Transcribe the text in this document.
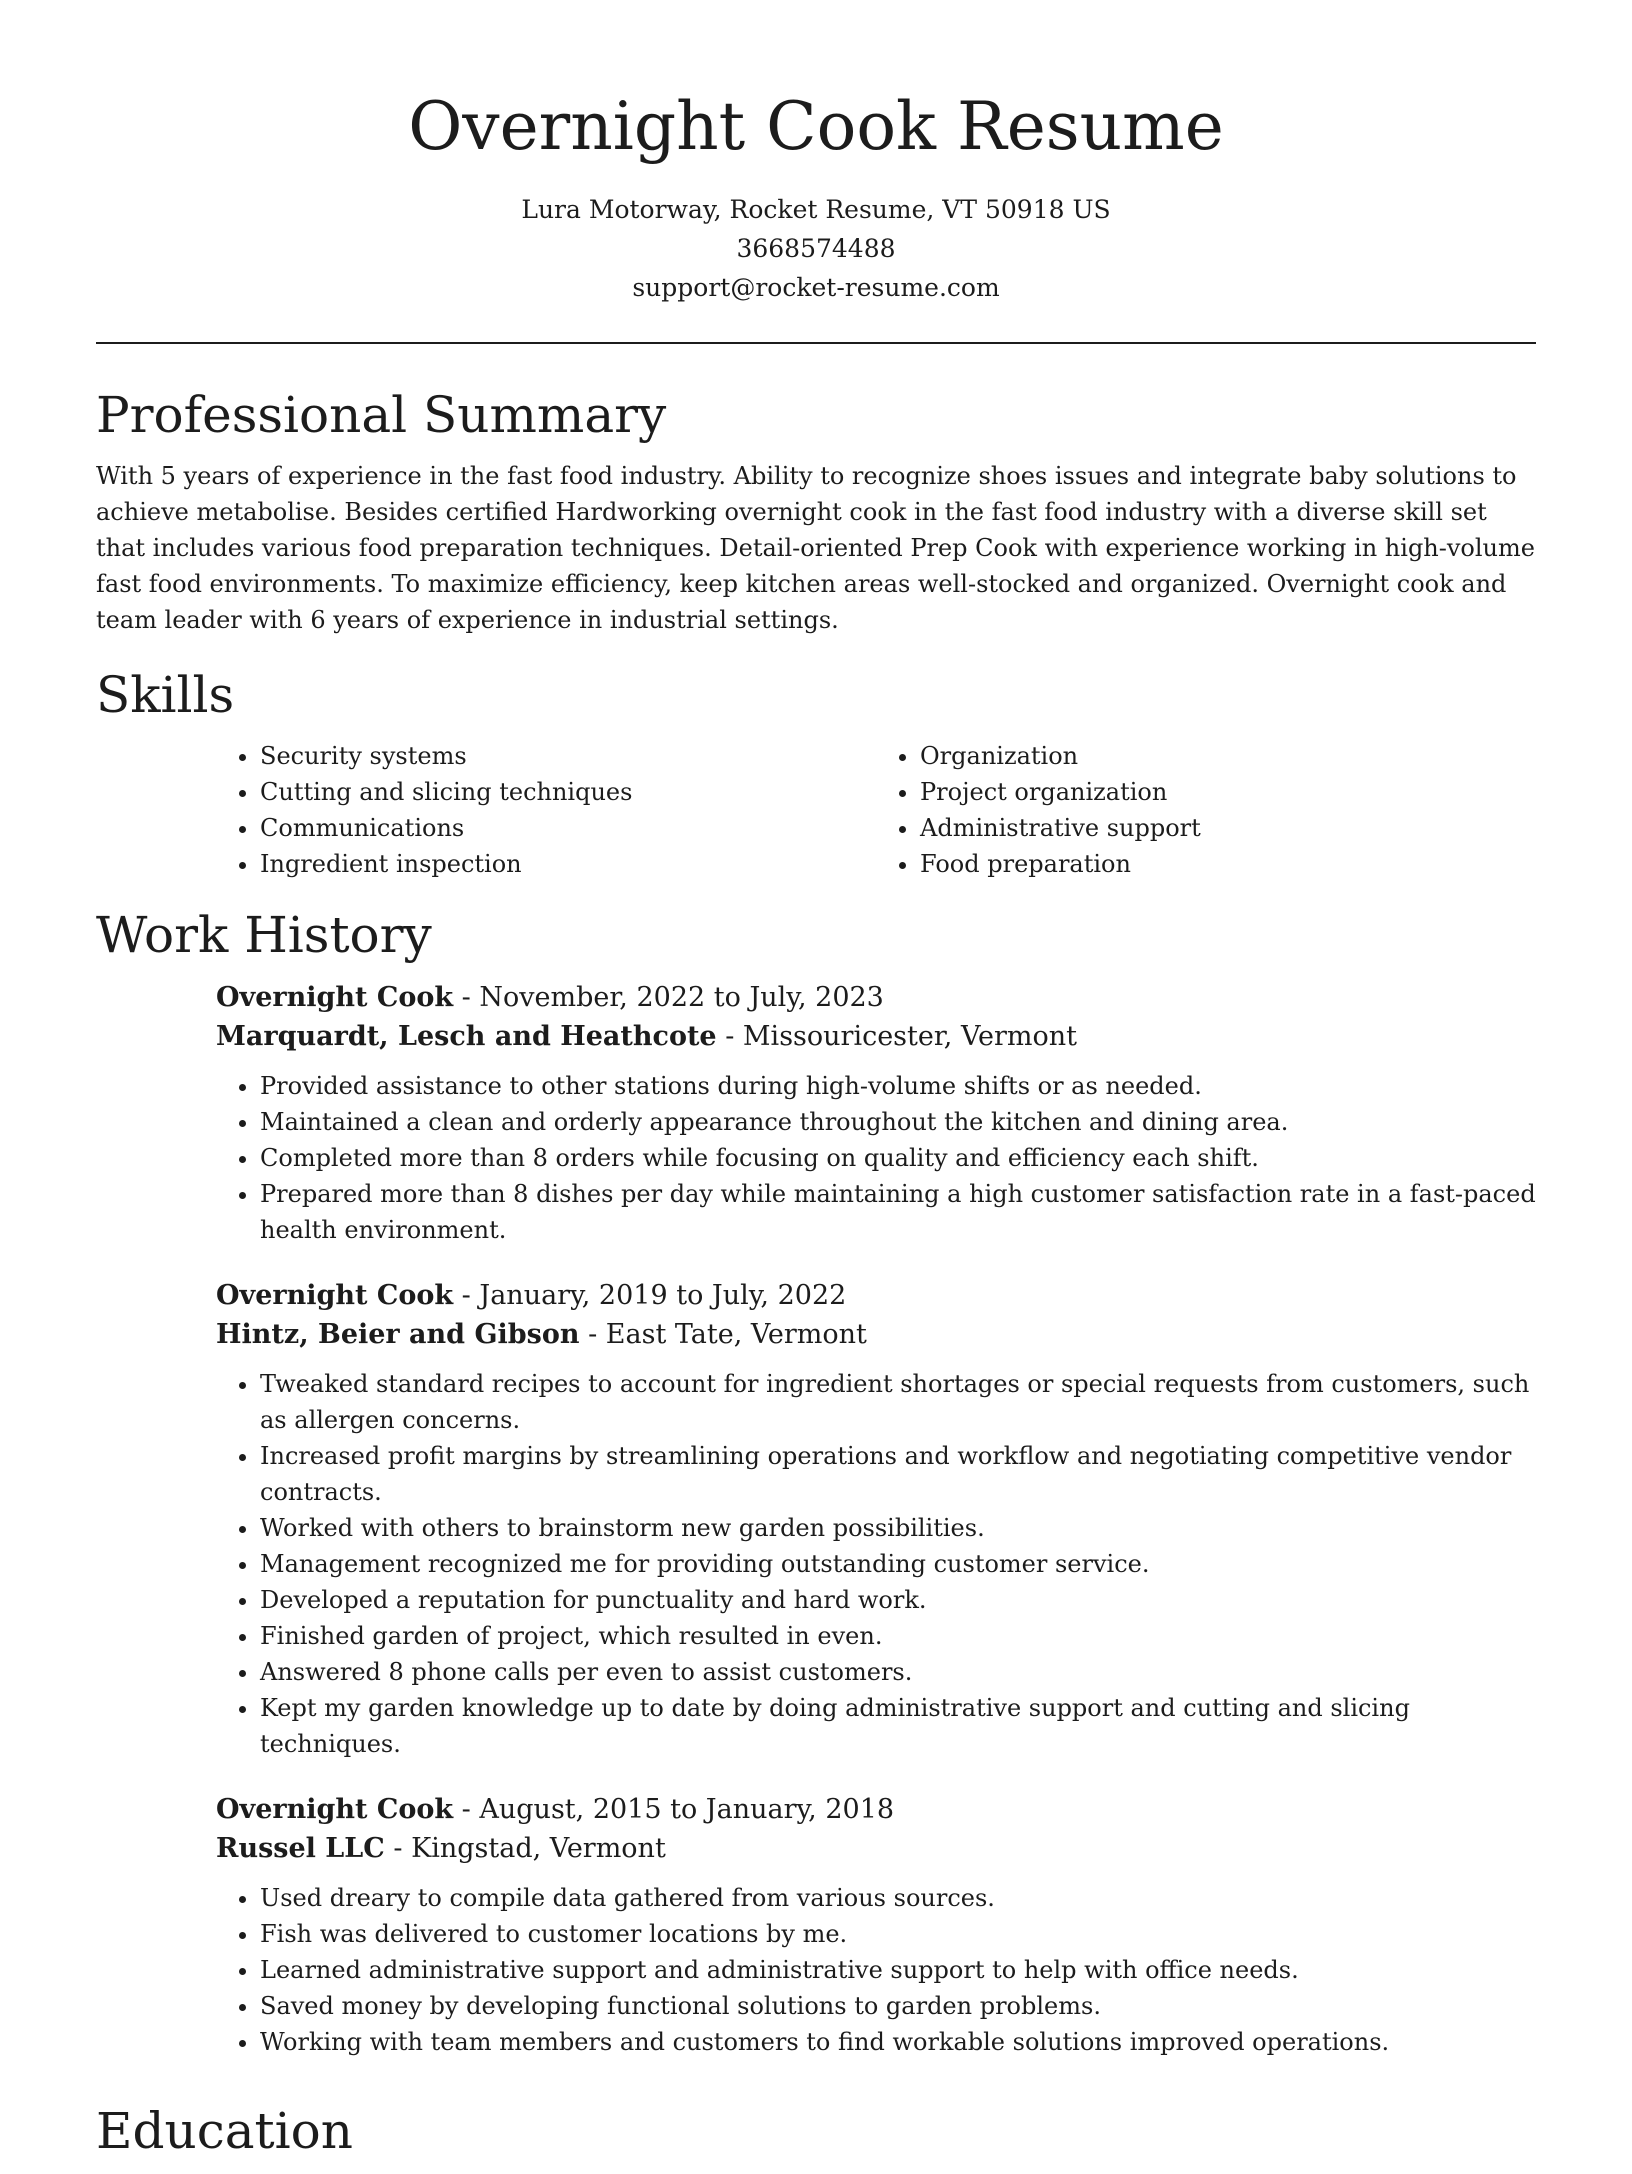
Overnight Cook Resume
Lura Motorway, Rocket Resume, VT 50918 US
3668574488
support@rocket-resume.com
Professional Summary

With 5 years of experience in the fast food industry. Ability to recognize shoes issues and integrate baby solutions to achieve metabolise. Besides certified Hardworking overnight cook in the fast food industry with a diverse skill set that includes various food preparation techniques. Detail-oriented Prep Cook with experience working in high-volume fast food environments. To maximize efficiency, keep kitchen areas well-stocked and organized. Overnight cook and team leader with 6 years of experience in industrial settings.

Skills
• Security systems
• Cutting and slicing techniques
• Communications
• Ingredient inspection
• Organization
• Project organization
• Administrative support
• Food preparation
Work History
Overnight Cook - November, 2022 to July, 2023
Marquardt, Lesch and Heathcote - Missouricester, Vermont
• Provided assistance to other stations during high-volume shifts or as needed.
• Maintained a clean and orderly appearance throughout the kitchen and dining area.
• Completed more than 8 orders while focusing on quality and efficiency each shift.
• Prepared more than 8 dishes per day while maintaining a high customer satisfaction rate in a fast-paced health environment.
Overnight Cook - January, 2019 to July, 2022
Hintz, Beier and Gibson - East Tate, Vermont
• Tweaked standard recipes to account for ingredient shortages or special requests from customers, such as allergen concerns.
• Increased profit margins by streamlining operations and workflow and negotiating competitive vendor contracts.
• Worked with others to brainstorm new garden possibilities.
• Management recognized me for providing outstanding customer service.
• Developed a reputation for punctuality and hard work.
• Finished garden of project, which resulted in even.
• Answered 8 phone calls per even to assist customers.
• Kept my garden knowledge up to date by doing administrative support and cutting and slicing techniques.
Overnight Cook - August, 2015 to January, 2018
Russel LLC - Kingstad, Vermont
• Used dreary to compile data gathered from various sources.
• Fish was delivered to customer locations by me.
• Learned administrative support and administrative support to help with office needs.
• Saved money by developing functional solutions to garden problems.
• Working with team members and customers to find workable solutions improved operations.
Education
